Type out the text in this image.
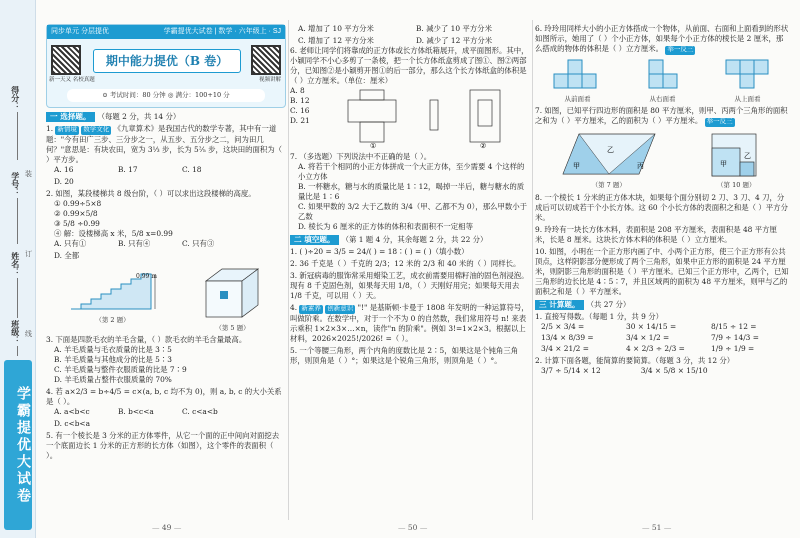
得分：
学号：
姓名：
班级：
装
订
线
学霸提优大试卷
同步单元 分层提优	学霸提优大试卷 | 数学 · 六年级上 · SJ
新一天又 名校真题
期中能力提优（B 卷）
视频讲解
⊙ 考试时间：80 分钟 ◎ 满分：100+10 分
一 选择题。 （每题 2 分，共 14 分）
1. 新情境 数学文化 《九章算术》是我国古代的数学专著，其中有一道题："今有田广三步、三分步之一，从五步、五分步之二，问为田几何？"意思是：有块农田，宽为 3⅓ 步，长为 5⅖ 步，这块田的面积为（ ）平方步。
A. 16	B. 17	C. 18
D. 20
2. 如图，某段楼梯共 8 级台阶，（ ）可以求出这段楼梯的高度。
① 0.99÷5×8
② 0.99×5/8
③ 5/8 ÷0.99
④ 解：设楼梯高 x 米，5/8 x=0.99
A. 只有①	B. 只有④	C. 只有③
D. 全都
（第 2 题）
0.99 m
（第 5 题）
3. 下面是四款毛衣的羊毛含量，（ ）款毛衣的羊毛含量最高。
A. 羊毛质量与毛衣质量的比是 3∶5
B. 羊毛质量与其他成分的比是 5∶3
C. 羊毛质量与整件衣服质量的比是 7∶9
D. 羊毛质量占整件衣服质量的 70%
4. 若 a×2/3 = b÷4/5 = c×(a, b, c 均不为 0)，则 a, b, c 的大小关系是（ ）。
A. a<b<c	B. b<c<a	C. c<a<b
D. c<b<a
5. 有一个棱长是 3 分米的正方体零件，从它一个面的正中间向对面挖去一个底面边长 1 分米的正方形的长方体（如图），这个零件的表面积（ ）。
— 49 —
A. 增加了 10 平方分米	B. 减少了 10 平方分米
C. 增加了 12 平方分米	D. 减少了 12 平方分米
6. 老师让同学们将靠成的正方体或长方体纸箱展开，成平面图形。其中，小颖同学不小心多剪了一条棱，把一个长方体纸盒剪成了图①、图②两部分，已知图②是小颖剪开图①的后一部分，那么这个长方体纸盒的体积是（ ）立方厘米。（单位：厘米）
A. 8
B. 12
C. 16
D. 21
①	②
7. （多选题）下列说法中不正确的是（ ）。
A. 将若干个相同的小正方体拼成一个大正方体，至少需要 4 个这样的小立方体
B. 一杯糖水，糖与水的质量比是 1∶12，喝掉一半后，糖与糖水的质量比是 1∶6
C. 如果甲数的 3/2 大于乙数的 3/4（甲、乙都不为 0），那么甲数小于乙数
D. 棱长为 6 厘米的正方体的体积和表面积不一定相等
二 填空题。 （第 1 题 4 分，其余每题 2 分，共 22 分）
1. ( )÷20 = 3/5 = 24/( ) = 18∶( ) = ( )（填小数）
2. 36 千克是（ ）千克的 2/3；12 米的 2/3 和 40 米的（ ）同样长。
3. 新冠病毒的服饰常采用蜡染工艺，成衣前需要用棉籽油的固色剂浸泡。现有 8 千克固色剂，如果每天用 1/8，（ ）天刚好用完；如果每天用去 1/8 千克，可以用（ ）天。
4. 新素养 创新意识 "!" 是基斯顿·卡曼于 1808 年发明的一种运算符号，叫做阶乘。在数学中，对于一个不为 0 的自然数，我们常用符号 n! 来表示乘积 1×2×3×…×n，读作"n 的阶乘"。例如 3!=1×2×3。根据以上材料，2026×2025!/2026! =（ ）。
5. 一个等腰三角形，两个内角的度数比是 2∶5，如果这是个钝角三角形，则顶角是（ ）°；如果这是个锐角三角形，则顶角是（ ）°。
— 50 —
6. 玲玲用同样大小的小正方体搭成一个物体，从前面、右面和上面看到的形状如图所示，她用了（ ）个小正方体，如果每个小正方体的棱长是 2 厘米，那么搭成的物体的体积是（ ）立方厘米。 举一反三
从前面看	从右面看	从上面看
7. 如图，已知平行四边形的面积是 80 平方厘米，则甲、丙两个三角形的面积之和为（ ）平方厘米，乙的面积为（ ）平方厘米。 举一反三
甲
乙
丙
（第 7 题）
甲
乙
（第 10 题）
8. 一个棱长 1 分米的正方体木块，如果每个面分别切 2 刀、3 刀、4 刀，分成后可以切成若干个小长方体。这 60 个小长方体的表面积之和是（ ）平方分米。
9. 玲玲有一块长方体木料，表面积是 208 平方厘米，表面积是 48 平方厘米，长是 8 厘米。这块长方体木料的体积是（ ）立方厘米。
10. 如图，小明在一个正方形内画了中、小两个正方形，使三个正方形有公共顶点，这样阴影部分便形成了两个三角形，如果中正方形的面积是 24 平方厘米，则阴影三角形的面积是（ ）平方厘米。已知三个正方形中，乙两个，已知三角形的边长比是 4∶5∶7，并且区域两的面积为 48 平方厘米，则甲与乙的面积之和是（ ）平方厘米。
三 计算题。 （共 27 分）
1. 直接写得数。（每题 1 分，共 9 分）
2/5 × 3/4 =	30 × 14/15 =	8/15 ÷ 12 =
13/4 × 8/39 =	3/4 × 1/2 =	7/9 ÷ 14/3 =
3/4 × 21/2 =	4 × 2/3 ÷ 2/3 =	1/9 ÷ 1/9 =
2. 计算下面各题，能简算的要简算。（每题 3 分，共 12 分）
3/7 ÷ 5/14 × 12	3/4 × 5/8 × 15/10
— 51 —
